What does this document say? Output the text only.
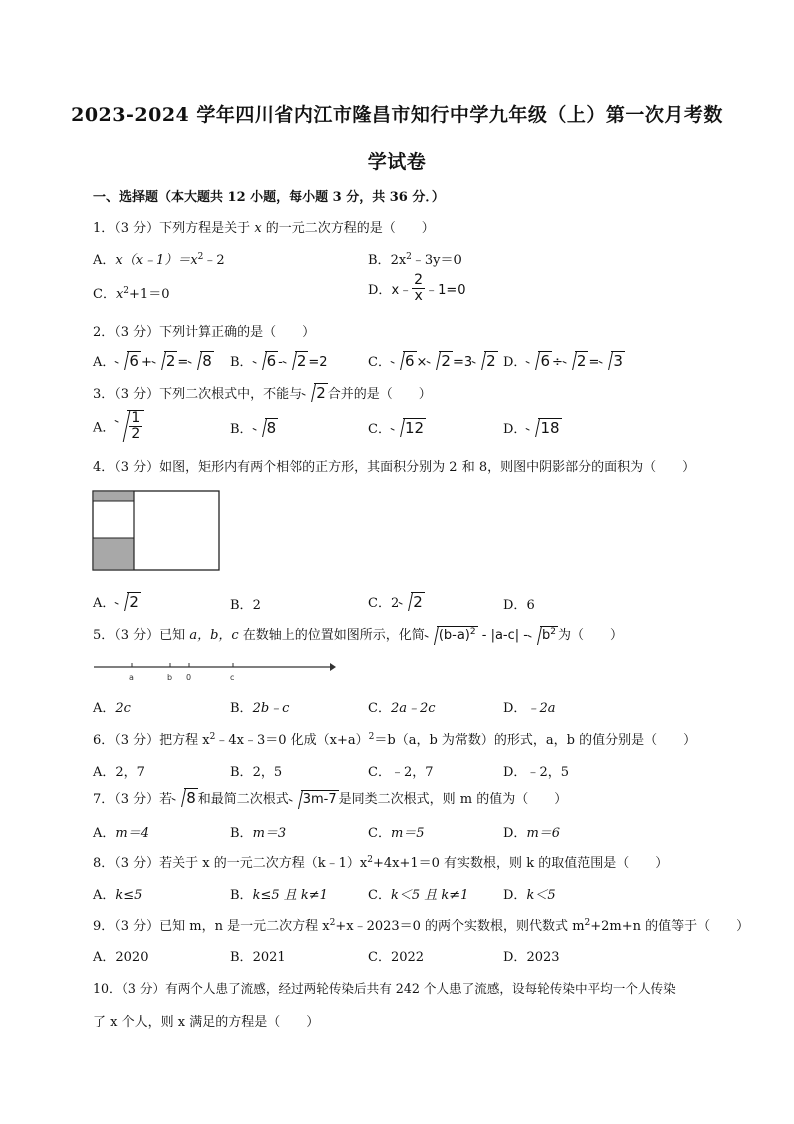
2023-2024 学年四川省内江市隆昌市知行中学九年级（上）第一次月考数
学试卷
一、选择题（本大题共 12 小题，每小题 3 分，共 36 分．）
1．（3 分）下列方程是关于 x 的一元二次方程的是（　　）
A．$x(x﹣1)=x^2﹣2$	B．$2x^2﹣3y=0$
C．$x^2+1=0$	D．x﹣ $\frac{2}{x}$ ﹣1=0
2．（3 分）下列计算正确的是（　　）
A． 6 + 2 = 8 B． 6 - 2 =2	C． 6 × 2 =3 2 D． 6 ÷ 2 = 3
3．（3 分）下列二次根式中，不能与 2 合并的是（　　）
A． $\frac{1}{2}$	B． 8	C． 12	D． 18
4．（3 分）如图，矩形内有两个相邻的正方形，其面积分别为 2 和 8，则图中阴影部分的面积为（　　）
A． 2	B．2	C．2 2	D．6
5．（3 分）已知 a，b，c 在数轴上的位置如图所示，化简 $(b-a)^2 - |a-c| - b^2$ 为（　　）
a	b 0	c
A．2c	B．2b﹣c	C．2a﹣2c	D．﹣2a
6．（3 分）把方程 $x^2﹣4x﹣3=0$ 化成$(x+a)^2=b(a$，b 为常数）的形式，a，b 的值分别是（　　）
A．2，7	B．2，5	C．﹣2，7	D．﹣2，5
7．（3 分）若 8 和最简二次根式 3m-7 是同类二次根式，则 m 的值为（　　）
A．m＝4	B．m＝3	C．m＝5	D．m＝6
8．（3 分）若关于 x 的一元二次方程$(k﹣1)x^2+4x+1=0$ 有实数根，则 k 的取值范围是（　　）
A．k≤5	B．k≤5 且 k≠1	C．k＜5 且 k≠1	D．k＜5
9．（3 分）已知 m，n 是一元二次方程 $x^2+x﹣2023=0$ 的两个实数根，则代数式 $m^2+2m+n$ 的值等于（　　）
A．2020	B．2021	C．2022	D．2023
10．（3 分）有两个人患了流感，经过两轮传染后共有 242 个人患了流感，设每轮传染中平均一个人传染
了 x 个人，则 x 满足的方程是（　　）
